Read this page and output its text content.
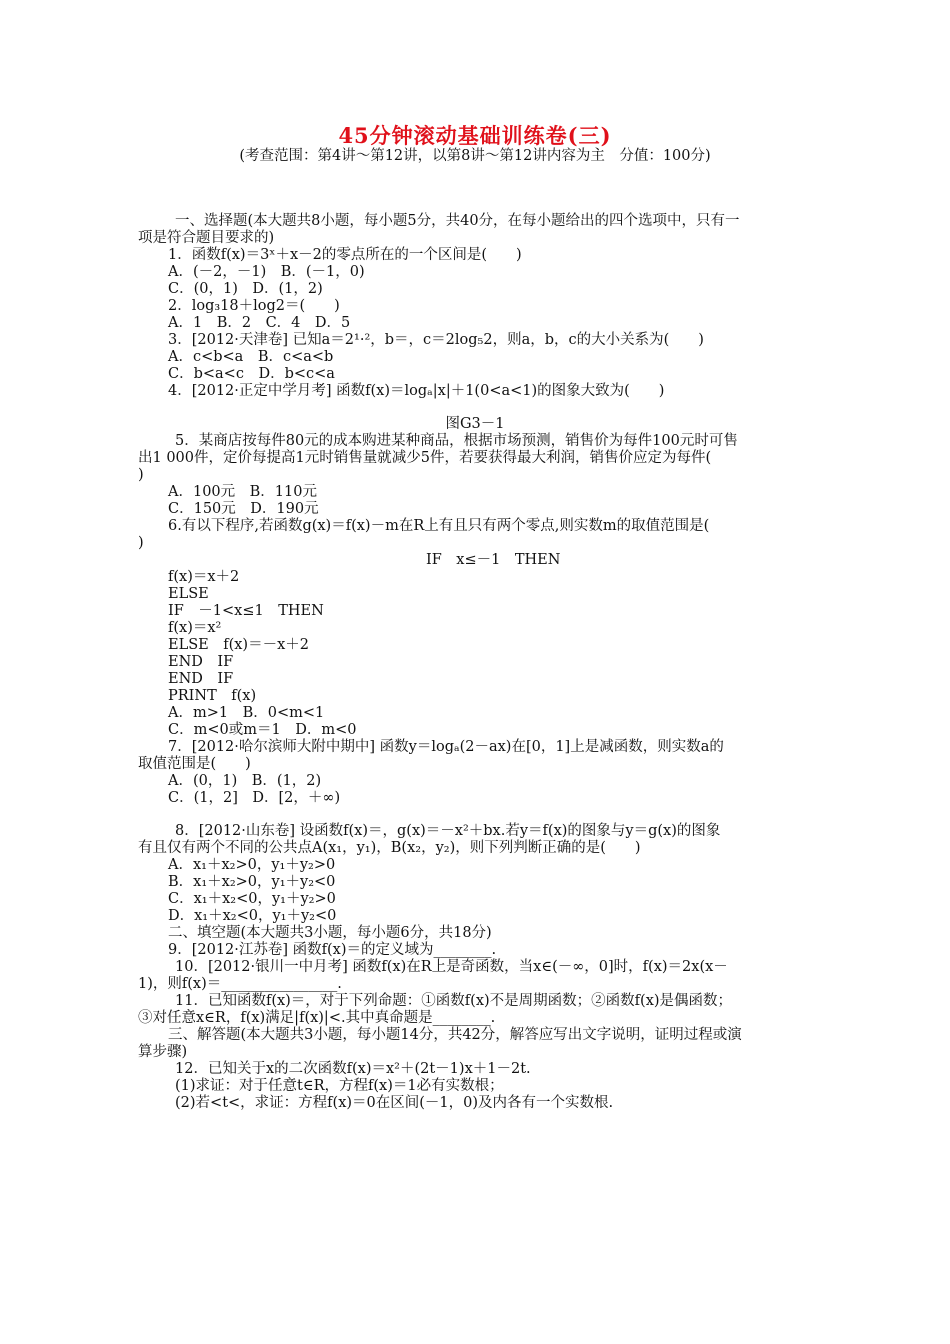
45分钟滚动基础训练卷(三)
(考查范围：第4讲～第12讲，以第8讲～第12讲内容为主　分值：100分)
一、选择题(本大题共8小题，每小题5分，共40分，在每小题给出的四个选项中，只有一
项是符合题目要求的)
1．函数f(x)＝3ˣ＋x－2的零点所在的一个区间是(　　)
A．(－2，－1)　B．(－1，0)
C．(0，1)　D．(1，2)
2．log₃18＋log2＝(　　)
A．1　B．2　C．4　D．5
3．[2012·天津卷] 已知a＝2¹·²，b＝，c＝2log₅2，则a，b，c的大小关系为(　　)
A．c<b<a　B．c<a<b
C．b<a<c　D．b<c<a
4．[2012·正定中学月考] 函数f(x)＝logₐ|x|＋1(0<a<1)的图象大致为(　　)
图G3－1
5．某商店按每件80元的成本购进某种商品，根据市场预测，销售价为每件100元时可售
出1 000件，定价每提高1元时销售量就减少5件，若要获得最大利润，销售价应定为每件(
)
A．100元　B．110元
C．150元　D．190元
6.有以下程序,若函数g(x)＝f(x)－m在R上有且只有两个零点,则实数m的取值范围是(
)
IF　x≤－1　THEN
f(x)＝x＋2
ELSE
IF　－1<x≤1　THEN
f(x)＝x²
ELSE　f(x)＝－x＋2
END　IF
END　IF
PRINT　f(x)
A．m>1　B．0<m<1
C．m<0或m＝1　D．m<0
7．[2012·哈尔滨师大附中期中] 函数y＝logₐ(2－ax)在[0，1]上是减函数，则实数a的
取值范围是(　　)
A．(0，1)　B．(1，2)
C．(1，2]　D．[2，＋∞)
8．[2012·山东卷] 设函数f(x)＝，g(x)＝－x²＋bx.若y＝f(x)的图象与y＝g(x)的图象
有且仅有两个不同的公共点A(x₁，y₁)，B(x₂，y₂)，则下列判断正确的是(　　)
A．x₁＋x₂>0，y₁＋y₂>0
B．x₁＋x₂>0，y₁＋y₂<0
C．x₁＋x₂<0，y₁＋y₂>0
D．x₁＋x₂<0，y₁＋y₂<0
二、填空题(本大题共3小题，每小题6分，共18分)
9．[2012·江苏卷] 函数f(x)＝的定义域为________.
10．[2012·银川一中月考] 函数f(x)在R上是奇函数，当x∈(－∞，0]时，f(x)＝2x(x－
1)，则f(x)＝________________.
11．已知函数f(x)＝，对于下列命题：①函数f(x)不是周期函数；②函数f(x)是偶函数；
③对任意x∈R，f(x)满足|f(x)|<.其中真命题是________.
三、解答题(本大题共3小题，每小题14分，共42分，解答应写出文字说明，证明过程或演
算步骤)
12．已知关于x的二次函数f(x)＝x²＋(2t－1)x＋1－2t.
(1)求证：对于任意t∈R，方程f(x)＝1必有实数根；
(2)若<t<，求证：方程f(x)＝0在区间(－1，0)及内各有一个实数根.
